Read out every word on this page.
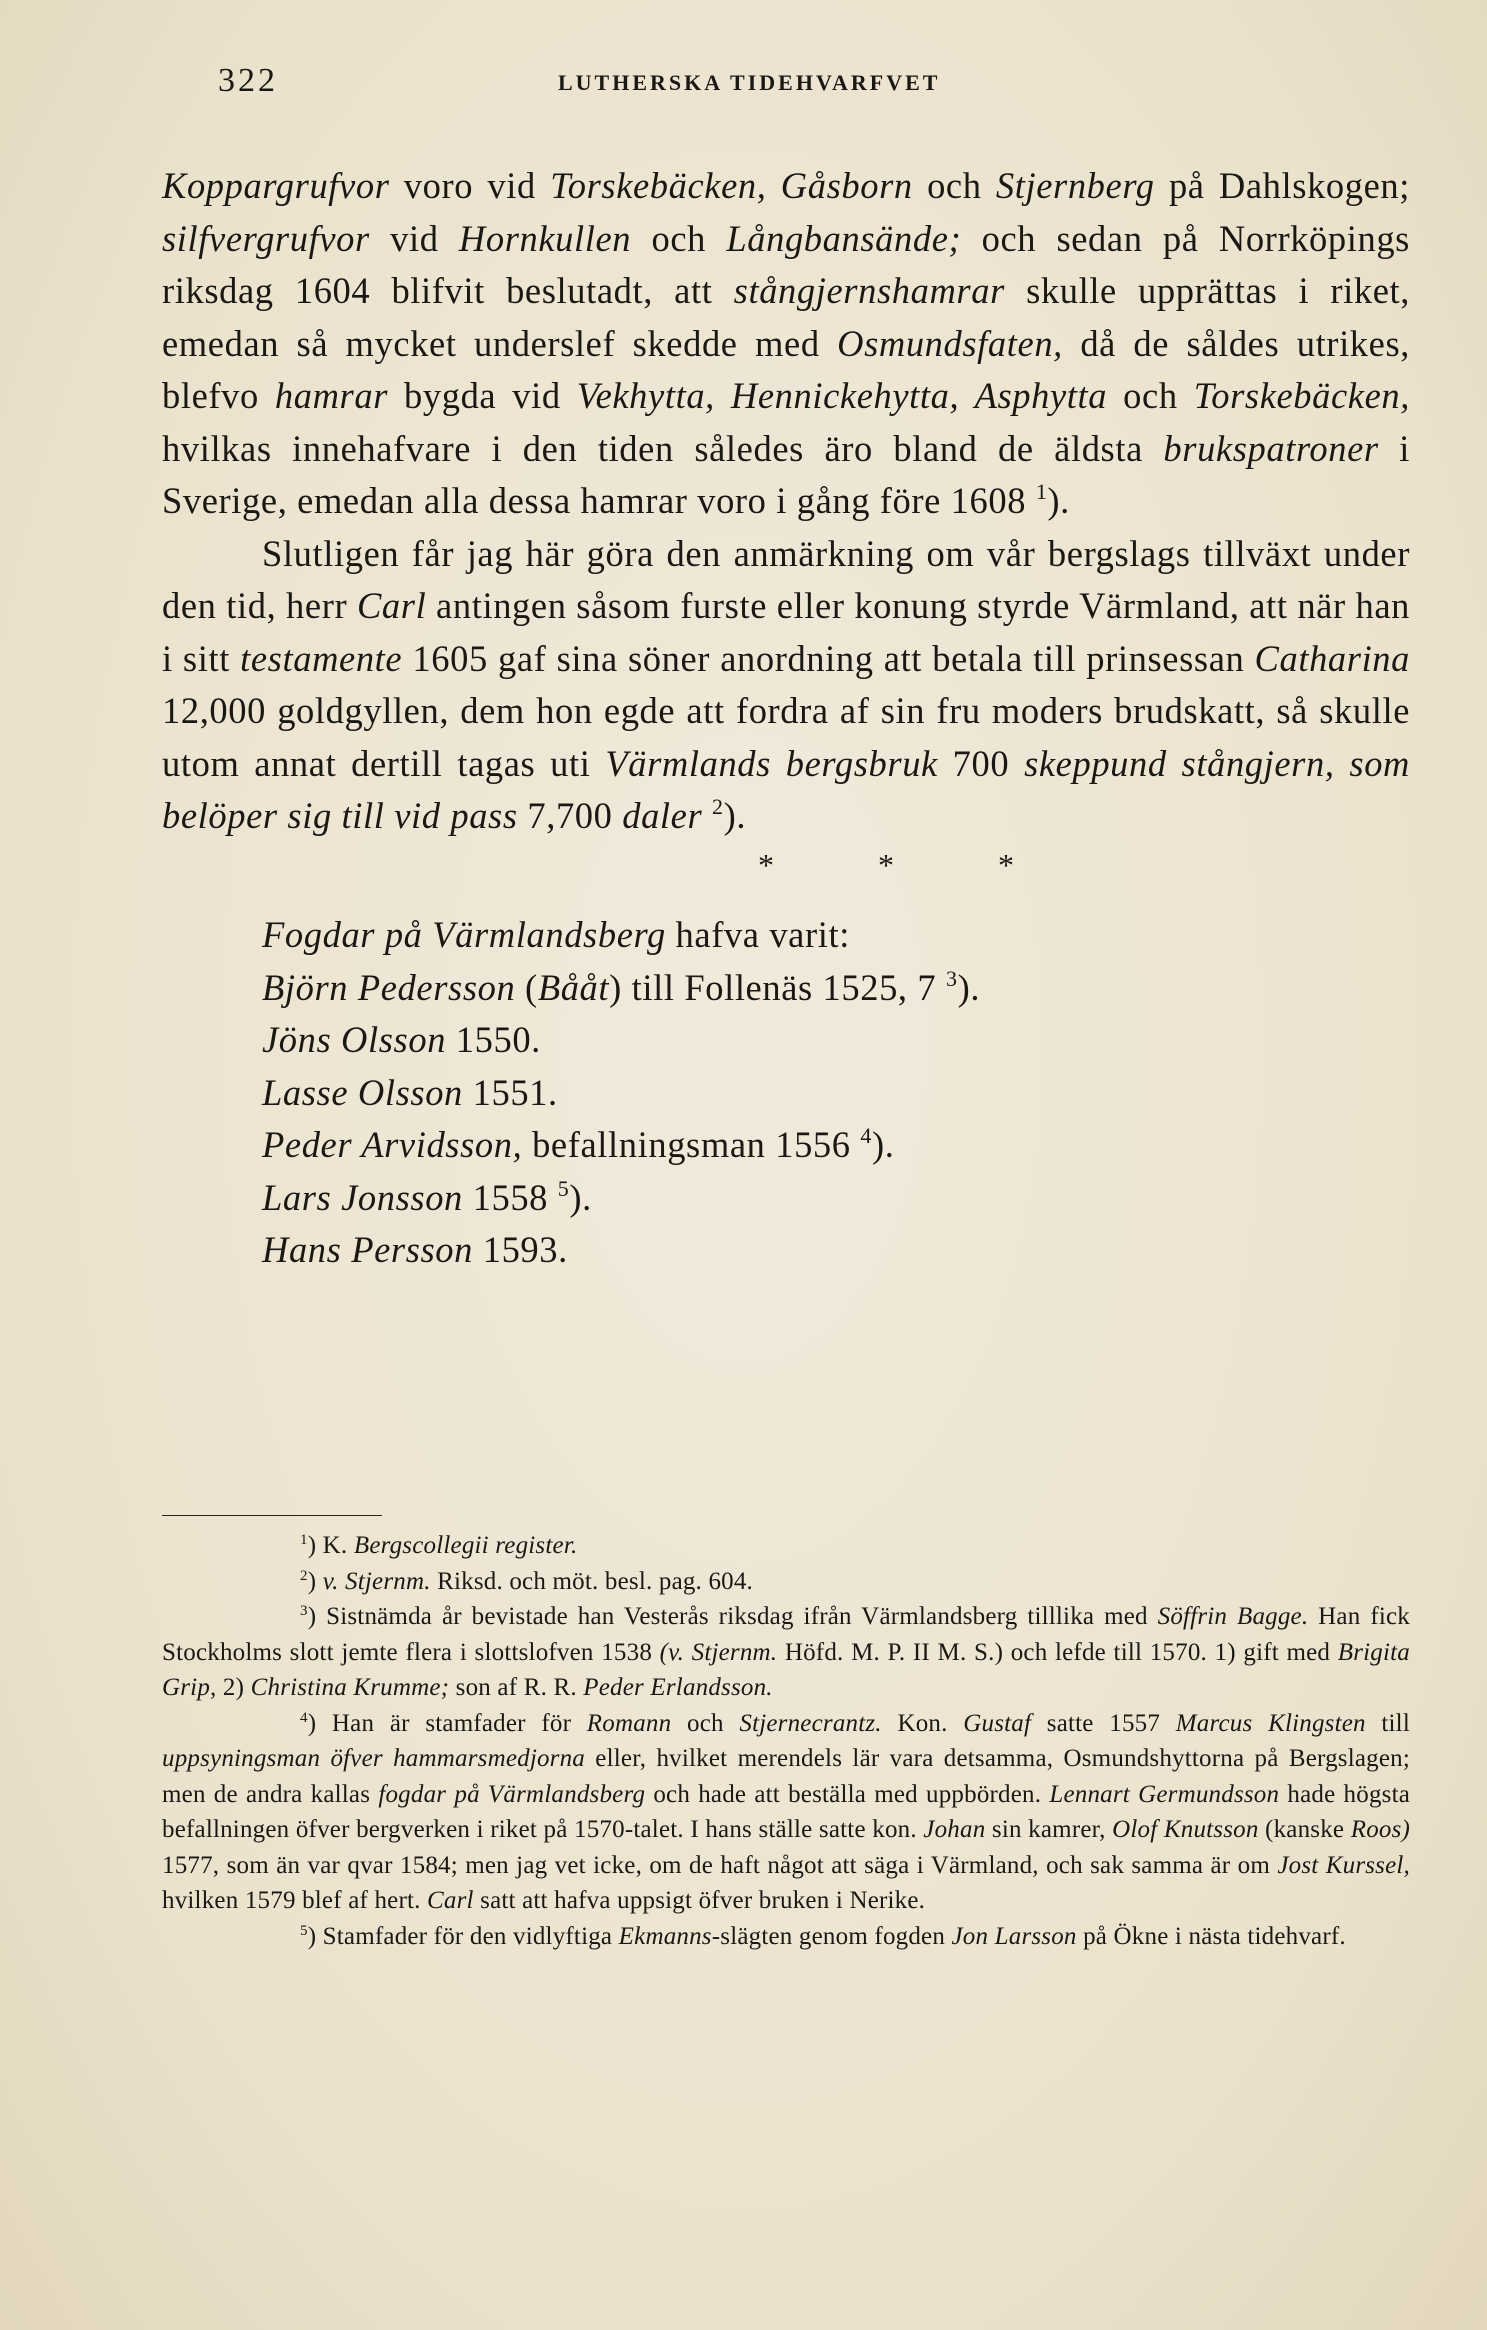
322	LUTHERSKA TIDEHVARFVET

Koppargrufvor voro vid Torskebäcken, Gåsborn och Stjernberg på Dahlskogen; silfvergrufvor vid Hornkullen och Långbansände; och sedan på Norrköpings riksdag 1604 blifvit beslutadt, att stångjernshamrar skulle upprättas i riket, emedan så mycket underslef skedde med Osmundsfaten, då de såldes utrikes, blefvo hamrar bygda vid Vekhytta, Hennickehytta, Asphytta och Torskebäcken, hvilkas innehafvare i den tiden således äro bland de äldsta brukspatroner i Sverige, emedan alla dessa hamrar voro i gång före 1608 $^1$).

Slutligen får jag här göra den anmärkning om vår bergslags tillväxt under den tid, herr Carl antingen såsom furste eller konung styrde Värmland, att när han i sitt testamente 1605 gaf sina söner anordning att betala till prinsessan Catharina 12,000 goldgyllen, dem hon egde att fordra af sin fru moders brudskatt, så skulle utom annat dertill tagas uti Värmlands bergsbruk 700 skeppund stångjern, som belöper sig till vid pass 7,700 daler $^2$).

*	*	*

Fogdar på Värmlandsberg hafva varit:

Björn Pedersson (Bååt) till Follenäs 1525, 7 $^3$).
Jöns Olsson 1550.
Lasse Olsson 1551.
Peder Arvidsson, befallningsman 1556 $^4$).
Lars Jonsson 1558 $^5$).
Hans Persson 1593.

$^1$) K. Bergscollegii register.

$^2$) v. Stjernm. Riksd. och möt. besl. pag. 604.

$^3$) Sistnämda år bevistade han Vesterås riksdag ifrån Värmlandsberg tilllika med Söffrin Bagge. Han fick Stockholms slott jemte flera i slottslofven 1538 (v. Stjernm. Höfd. M. P. II M. S.) och lefde till 1570. 1) gift med Brigita Grip, 2) Christina Krumme; son af R. R. Peder Erlandsson.

$^4$) Han är stamfader för Romann och Stjernecrantz. Kon. Gustaf satte 1557 Marcus Klingsten till uppsyningsman öfver hammarsmedjorna eller, hvilket merendels lär vara detsamma, Osmundshyttorna på Bergslagen; men de andra kallas fogdar på Värmlandsberg och hade att beställa med uppbörden. Lennart Germundsson hade högsta befallningen öfver bergverken i riket på 1570-talet. I hans ställe satte kon. Johan sin kamrer, Olof Knutsson (kanske Roos) 1577, som än var qvar 1584; men jag vet icke, om de haft något att säga i Värmland, och sak samma är om Jost Kurssel, hvilken 1579 blef af hert. Carl satt att hafva uppsigt öfver bruken i Nerike.

$^5$) Stamfader för den vidlyftiga Ekmanns-slägten genom fogden Jon Larsson på Ökne i nästa tidehvarf.
